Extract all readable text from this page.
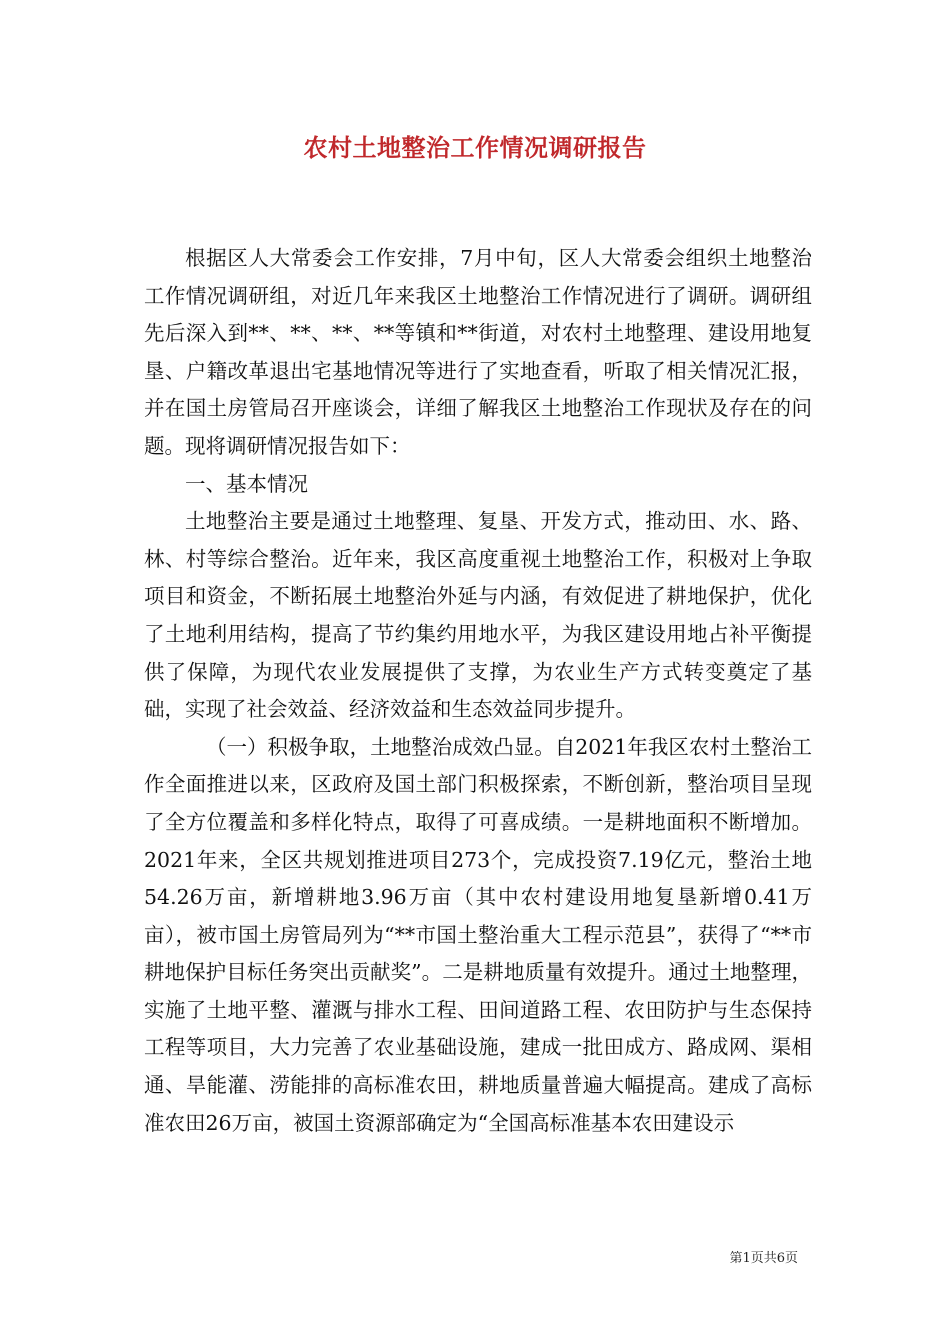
农村土地整治工作情况调研报告

根据区人大常委会工作安排，7月中旬，区人大常委会组织土地整治工作情况调研组，对近几年来我区土地整治工作情况进行了调研。调研组先后深入到**、**、**、**等镇和**街道，对农村土地整理、建设用地复垦、户籍改革退出宅基地情况等进行了实地查看，听取了相关情况汇报，并在国土房管局召开座谈会，详细了解我区土地整治工作现状及存在的问题。现将调研情况报告如下：

一、基本情况

土地整治主要是通过土地整理、复垦、开发方式，推动田、水、路、林、村等综合整治。近年来，我区高度重视土地整治工作，积极对上争取项目和资金，不断拓展土地整治外延与内涵，有效促进了耕地保护，优化了土地利用结构，提高了节约集约用地水平，为我区建设用地占补平衡提供了保障，为现代农业发展提供了支撑，为农业生产方式转变奠定了基础，实现了社会效益、经济效益和生态效益同步提升。

（一）积极争取，土地整治成效凸显。自2021年我区农村土整治工作全面推进以来，区政府及国土部门积极探索，不断创新，整治项目呈现了全方位覆盖和多样化特点，取得了可喜成绩。一是耕地面积不断增加。2021年来，全区共规划推进项目273个，完成投资7.19亿元，整治土地54.26万亩，新增耕地3.96万亩（其中农村建设用地复垦新增0.41万亩），被市国土房管局列为“**市国土整治重大工程示范县”，获得了“**市耕地保护目标任务突出贡献奖”。二是耕地质量有效提升。通过土地整理，实施了土地平整、灌溉与排水工程、田间道路工程、农田防护与生态保持工程等项目，大力完善了农业基础设施，建成一批田成方、路成网、渠相通、旱能灌、涝能排的高标准农田，耕地质量普遍大幅提高。建成了高标准农田26万亩，被国土资源部确定为“全国高标准基本农田建设示

第1页共6页
